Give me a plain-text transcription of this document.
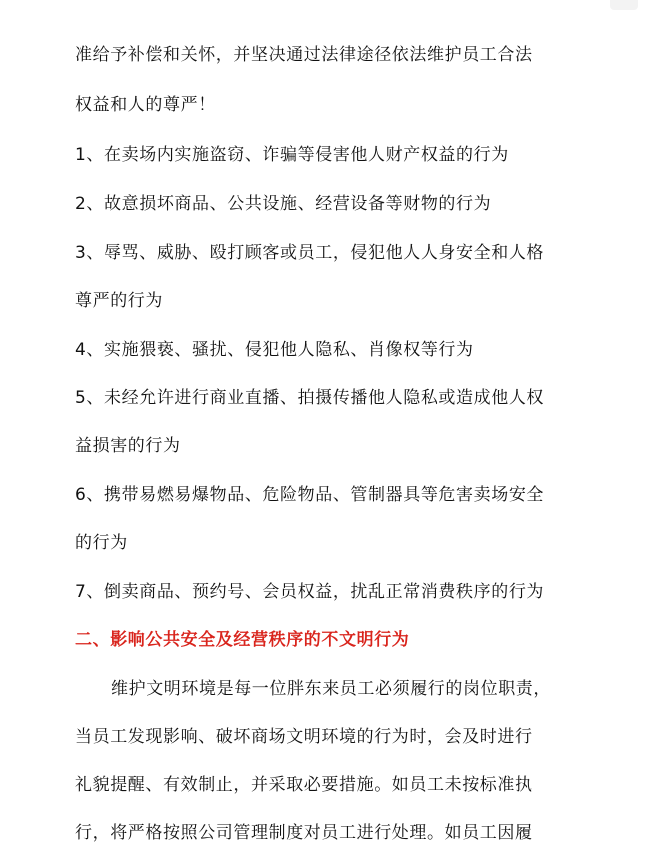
准给予补偿和关怀，并坚决通过法律途径依法维护员工合法
权益和人的尊严！
1、在卖场内实施盗窃、诈骗等侵害他人财产权益的行为
2、故意损坏商品、公共设施、经营设备等财物的行为
3、辱骂、威胁、殴打顾客或员工，侵犯他人人身安全和人格
尊严的行为
4、实施猥亵、骚扰、侵犯他人隐私、肖像权等行为
5、未经允许进行商业直播、拍摄传播他人隐私或造成他人权
益损害的行为
6、携带易燃易爆物品、危险物品、管制器具等危害卖场安全
的行为
7、倒卖商品、预约号、会员权益，扰乱正常消费秩序的行为
二、影响公共安全及经营秩序的不文明行为
维护文明环境是每一位胖东来员工必须履行的岗位职责，
当员工发现影响、破坏商场文明环境的行为时，会及时进行
礼貌提醒、有效制止，并采取必要措施。如员工未按标准执
行，将严格按照公司管理制度对员工进行处理。如员工因履
